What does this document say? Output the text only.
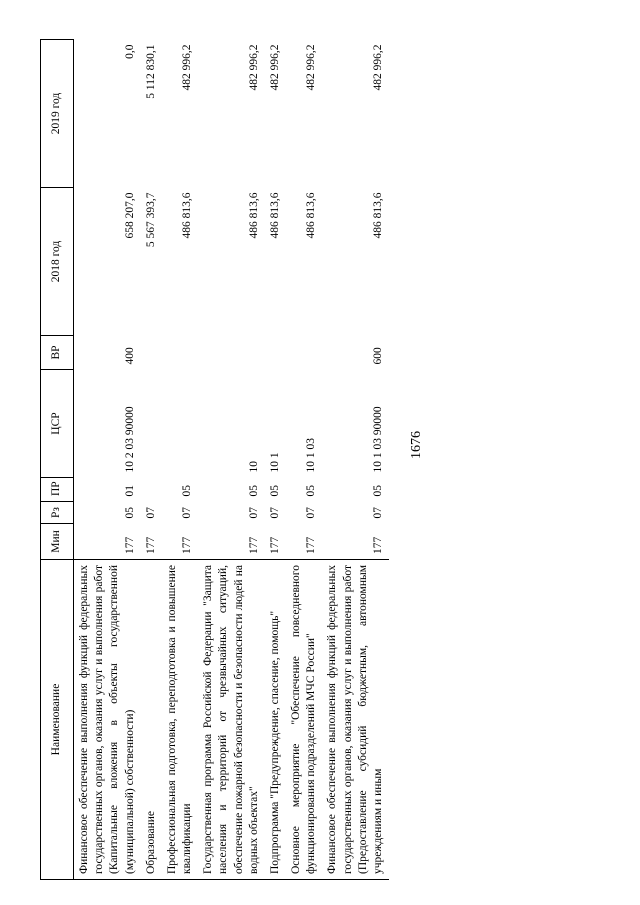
1676
Наименование	Мин	Рз	ПР	ЦСР	ВР	2018 год	2019 год
Финансовое обеспечение выполнения функций федеральных государственных органов, оказания услуг и выполнения работ (Капитальные вложения в объекты государственной (муниципальной) собственности)	177	05	01	10 2 03 90000	400	658 207,0	0,0
Образование	177	07				5 567 393,7	5 112 830,1
Профессиональная подготовка, переподготовка и повышение квалификации	177	07	05			486 813,6	482 996,2
Государственная программа Российской Федерации "Защита населения и территорий от чрезвычайных ситуаций, обеспечение пожарной безопасности и безопасности людей на водных объектах"	177	07	05	10		486 813,6	482 996,2
Подпрограмма "Предупреждение, спасение, помощь"	177	07	05	10 1		486 813,6	482 996,2
Основное мероприятие "Обеспечение повседневного функционирования подразделений МЧС России"	177	07	05	10 1 03		486 813,6	482 996,2
Финансовое обеспечение выполнения функций федеральных государственных органов, оказания услуг и выполнения работ (Предоставление субсидий бюджетным, автономным учреждениям и иным	177	07	05	10 1 03 90000	600	486 813,6	482 996,2
